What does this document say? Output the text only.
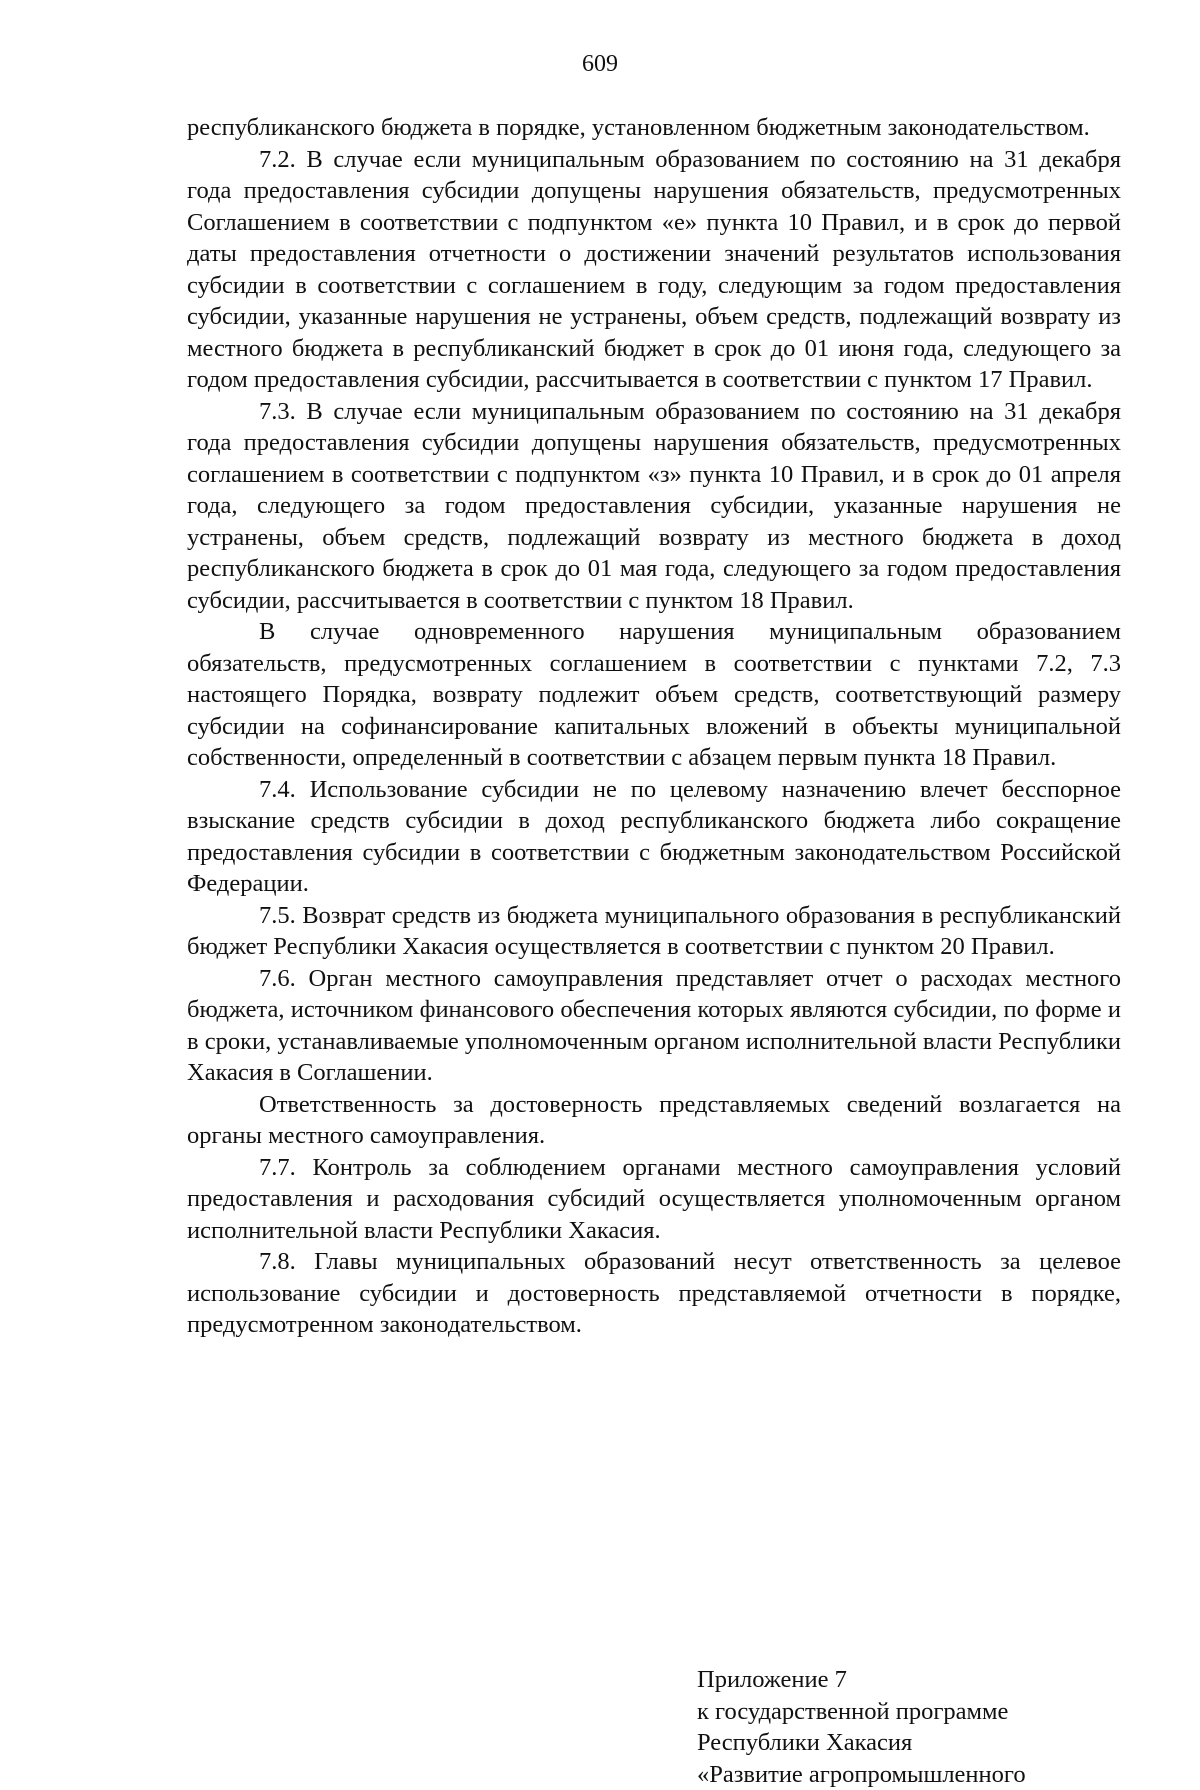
609

республиканского бюджета в порядке, установленном бюджетным законодательством.

7.2. В случае если муниципальным образованием по состоянию на 31 декабря года предоставления субсидии допущены нарушения обязательств, предусмотренных Соглашением в соответствии с подпунктом «е» пункта 10 Правил, и в срок до первой даты предоставления отчетности о достижении значений результатов использования субсидии в соответствии с соглашением в году, следующим за годом предоставления субсидии, указанные нарушения не устранены, объем средств, подлежащий возврату из местного бюджета в республиканский бюджет в срок до 01 июня года, следующего за годом предоставления субсидии, рассчитывается в соответствии с пунктом 17 Правил.

7.3. В случае если муниципальным образованием по состоянию на 31 декабря года предоставления субсидии допущены нарушения обязательств, предусмотренных соглашением в соответствии с подпунктом «з» пункта 10 Правил, и в срок до 01 апреля года, следующего за годом предоставления субсидии, указанные нарушения не устранены, объем средств, подлежащий возврату из местного бюджета в доход республиканского бюджета в срок до 01 мая года, следующего за годом предоставления субсидии, рассчитывается в соответствии с пунктом 18 Правил.

В случае одновременного нарушения муниципальным образованием обязательств, предусмотренных соглашением в соответствии с пунктами 7.2, 7.3 настоящего Порядка, возврату подлежит объем средств, соответствующий размеру субсидии на софинансирование капитальных вложений в объекты муниципальной собственности, определенный в соответствии с абзацем первым пункта 18 Правил.

7.4. Использование субсидии не по целевому назначению влечет бесспорное взыскание средств субсидии в доход республиканского бюджета либо сокращение предоставления субсидии в соответствии с бюджетным законодательством Российской Федерации.

7.5. Возврат средств из бюджета муниципального образования в республиканский бюджет Республики Хакасия осуществляется в соответствии с пунктом 20 Правил.

7.6. Орган местного самоуправления представляет отчет о расходах местного бюджета, источником финансового обеспечения которых являются субсидии, по форме и в сроки, устанавливаемые уполномоченным органом исполнительной власти Республики Хакасия в Соглашении.

Ответственность за достоверность представляемых сведений возлагается на органы местного самоуправления.

7.7. Контроль за соблюдением органами местного самоуправления условий предоставления и расходования субсидий осуществляется уполномоченным органом исполнительной власти Республики Хакасия.

7.8. Главы муниципальных образований несут ответственность за целевое использование субсидии и достоверность представляемой отчетности в порядке, предусмотренном законодательством.

Приложение 7
к государственной программе
Республики Хакасия
«Развитие агропромышленного
